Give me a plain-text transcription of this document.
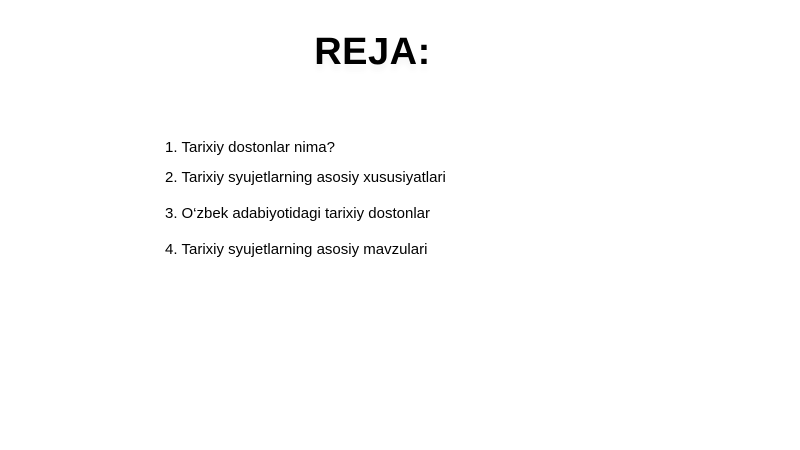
REJA:
1. Tarixiy dostonlar nima?
2. Tarixiy syujetlarning asosiy xususiyatlari
3. O‘zbek adabiyotidagi tarixiy dostonlar
4. Tarixiy syujetlarning asosiy mavzulari
